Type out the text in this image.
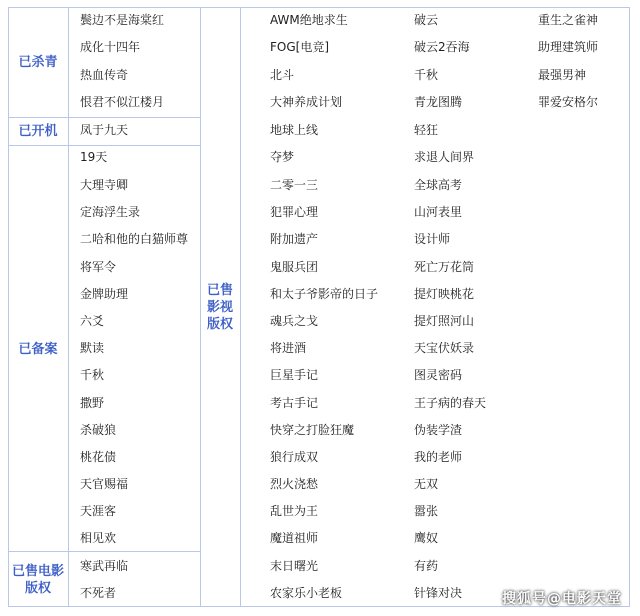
已杀青
已开机
已备案
已售电影
版权
已售
影视
版权
鬓边不是海棠红
成化十四年
热血传奇
恨君不似江楼月
凤于九天
19天
大理寺卿
定海浮生录
二哈和他的白猫师尊
将军令
金牌助理
六爻
默读
千秋
撒野
杀破狼
桃花债
天官赐福
天涯客
相见欢
寒武再临
不死者
AWM绝地求生
FOG[电竞]
北斗
大神养成计划
地球上线
夺梦
二零一三
犯罪心理
附加遗产
鬼服兵团
和太子爷影帝的日子
魂兵之戈
将进酒
巨星手记
考古手记
快穿之打脸狂魔
狼行成双
烈火浇愁
乱世为王
魔道祖师
末日曙光
农家乐小老板
破云
破云2吞海
千秋
青龙图腾
轻狂
求退人间界
全球高考
山河表里
设计师
死亡万花筒
提灯映桃花
提灯照河山
天宝伏妖录
图灵密码
王子病的春天
伪装学渣
我的老师
无双
嚣张
鹰奴
有药
针锋对决
重生之雀神
助理建筑师
最强男神
罪爱安格尔
搜狐号@电影天堂
